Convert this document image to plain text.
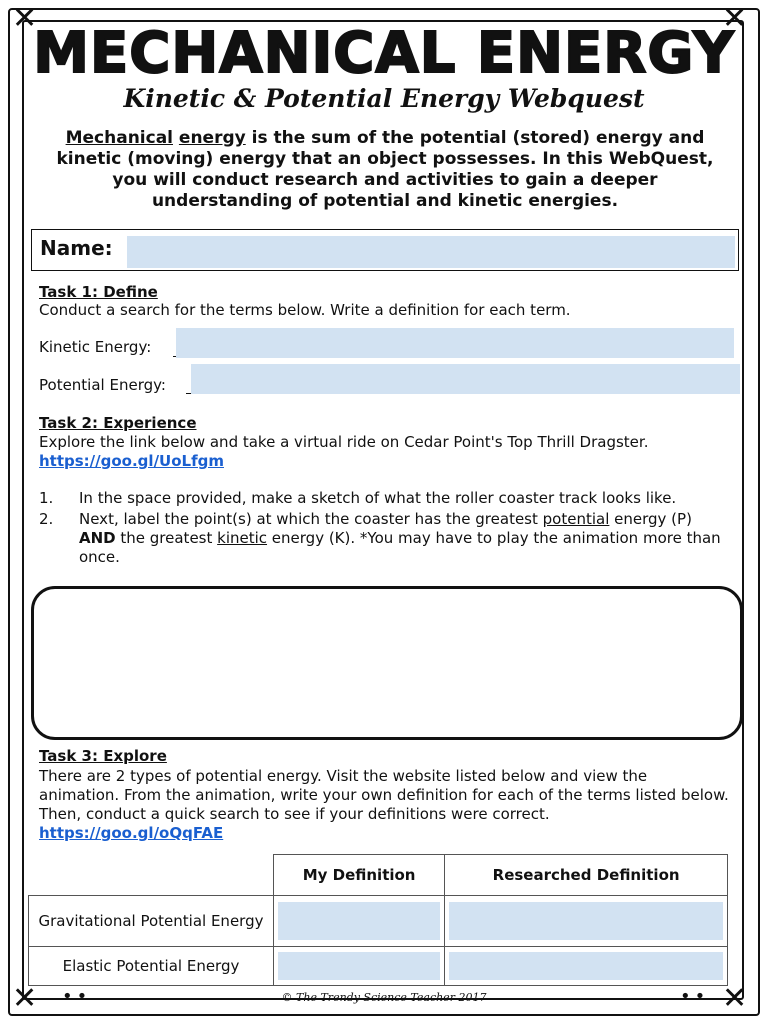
✕	✕
✕	✕
••	••
MECHANICAL ENERGY
Kinetic & Potential Energy Webquest
Mechanical energy is the sum of the potential (stored) energy and kinetic (moving) energy that an object possesses. In this WebQuest, you will conduct research and activities to gain a deeper understanding of potential and kinetic energies.
Name:
Task 1: Define
Conduct a search for the terms below. Write a definition for each term.
Kinetic Energy:
Potential Energy:
Task 2: Experience
Explore the link below and take a virtual ride on Cedar Point's Top Thrill Dragster. https://goo.gl/UoLfgm
1. In the space provided, make a sketch of what the roller coaster track looks like.
2. Next, label the point(s) at which the coaster has the greatest potential energy (P) AND the greatest kinetic energy (K). *You may have to play the animation more than once.
Task 3: Explore
There are 2 types of potential energy. Visit the website listed below and view the animation. From the animation, write your own definition for each of the terms listed below. Then, conduct a quick search to see if your definitions were correct. https://goo.gl/oQqFAE
	My Definition	Researched Definition
Gravitational Potential Energy	

Elastic Potential Energy	

© The Trendy Science Teacher 2017
